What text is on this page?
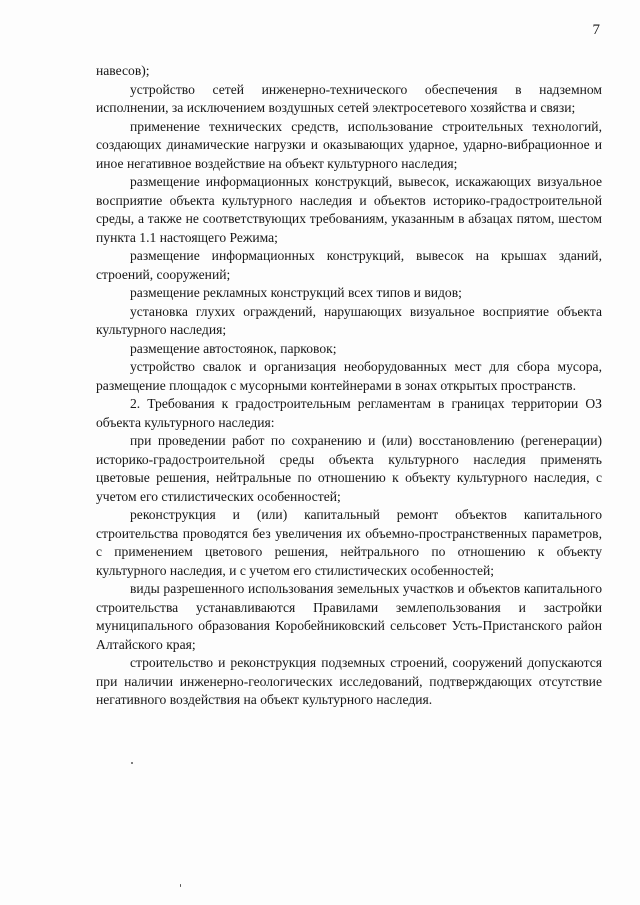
7

навесов);

устройство сетей инженерно-технического обеспечения в надземном исполнении, за исключением воздушных сетей электросетевого хозяйства и связи;

применение технических средств, использование строительных технологий, создающих динамические нагрузки и оказывающих ударное, ударно-вибрационное и иное негативное воздействие на объект культурного наследия;

размещение информационных конструкций, вывесок, искажающих визуальное восприятие объекта культурного наследия и объектов историко-градостроительной среды, а также не соответствующих требованиям, указанным в абзацах пятом, шестом пункта 1.1 настоящего Режима;

размещение информационных конструкций, вывесок на крышах зданий, строений, сооружений;

размещение рекламных конструкций всех типов и видов;

установка глухих ограждений, нарушающих визуальное восприятие объекта культурного наследия;

размещение автостоянок, парковок;

устройство свалок и организация необорудованных мест для сбора мусора, размещение площадок с мусорными контейнерами в зонах открытых пространств.

2. Требования к градостроительным регламентам в границах территории ОЗ объекта культурного наследия:

при проведении работ по сохранению и (или) восстановлению (регенерации) историко-градостроительной среды объекта культурного наследия применять цветовые решения, нейтральные по отношению к объекту культурного наследия, с учетом его стилистических особенностей;

реконструкция и (или) капитальный ремонт объектов капитального строительства проводятся без увеличения их объемно-пространственных параметров, с применением цветового решения, нейтрального по отношению к объекту культурного наследия, и с учетом его стилистических особенностей;

виды разрешенного использования земельных участков и объектов капитального строительства устанавливаются Правилами землепользования и застройки муниципального образования Коробейниковский сельсовет Усть-Пристанского район Алтайского края;

строительство и реконструкция подземных строений, сооружений допускаются при наличии инженерно-геологических исследований, подтверждающих отсутствие негативного воздействия на объект культурного наследия.
